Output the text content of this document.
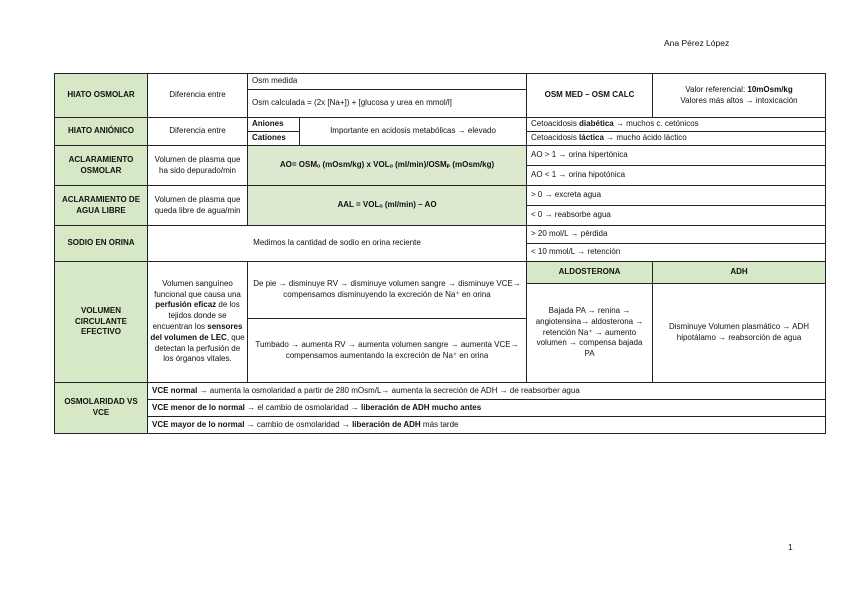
Ana Pérez López
HIATO OSMOLAR	Diferencia entre	Osm medida		OSM MED – OSM CALC	Valor referencial: 10mOsm/kg
Valores más altos → intoxicación
		Osm calculada = (2x [Na+]) + [glucosa y urea en mmol/l]			
HIATO ANIÓNICO	Diferencia entre	Aniones	Importante en acidosis metabólicas → elevado	Cetoacidosis diabética → muchos c. cetónicos	
		Cationes		Cetoacidosis láctica → mucho ácido láctico	
ACLARAMIENTO OSMOLAR	Volumen de plasma que ha sido depurado/min	AO= OSMₒ (mOsm/kg) x VOLₒ (ml/min)/OSMₚ (mOsm/kg)		AO > 1 → orina hipertónica	
				AO < 1 → orina hipotónica	
ACLARAMIENTO DE AGUA LIBRE	Volumen de plasma que queda libre de agua/min	AAL = VOLₒ (ml/min) – AO		> 0 → excreta agua	
				< 0 → reabsorbe agua	
SODIO EN ORINA	Medimos la cantidad de sodio en orina reciente			> 20 mol/L → pérdida	
				< 10 mmol/L → retención	
VOLUMEN CIRCULANTE EFECTIVO	Volumen sanguíneo funcional que causa una perfusión eficaz de los tejidos donde se encuentran los sensores del volumen de LEC, que detectan la perfusión de los órganos vitales.	De pie → disminuye RV → disminuye volumen sangre → disminuye VCE→ compensamos disminuyendo la excreción de Na⁺ en orina		ALDOSTERONA	ADH
				Bajada PA → renina → angiotensina→ aldosterona → retención Na⁺ → aumento volumen → compensa bajada PA	Disminuye Volumen plasmático → ADH hipotálamo → reabsorción de agua
		Tumbado → aumenta RV → aumenta volumen sangre → aumenta VCE→ compensamos aumentando la excreción de Na⁺ en orina			
OSMOLARIDAD VS VCE	VCE normal → aumenta la osmolaridad a partir de 280 mOsm/L→ aumenta la secreción de ADH → de reabsorber agua				
	VCE menor de lo normal → el cambio de osmolaridad → liberación de ADH mucho antes				
	VCE mayor de lo normal → cambio de osmolaridad → liberación de ADH más tarde				
1
